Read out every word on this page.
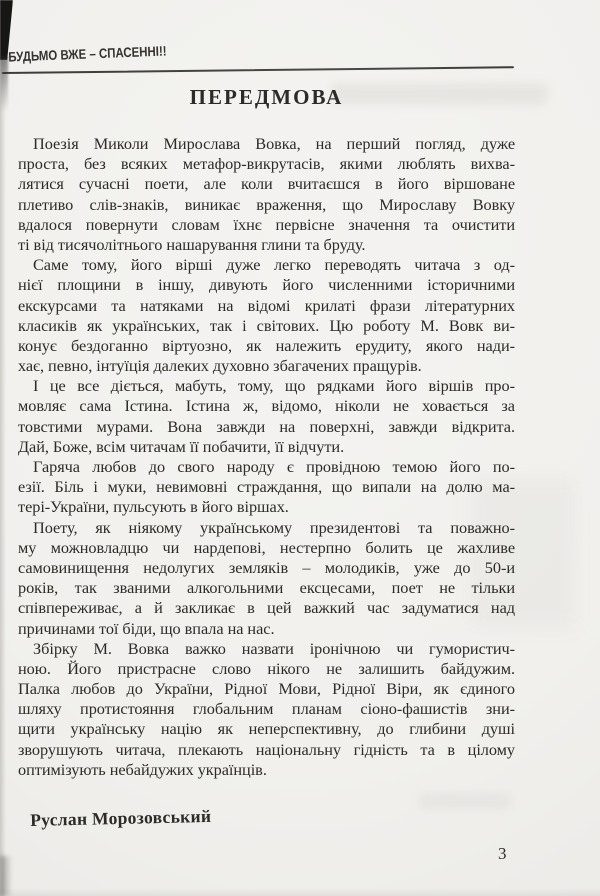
БУДЬМО ВЖЕ – СПАСЕННІ!!
ПЕРЕДМОВА
Поезія Миколи Мирослава Вовка, на перший погляд, дуже
проста, без всяких метафор-викрутасів, якими люблять вихва-
лятися сучасні поети, але коли вчитаєшся в його віршоване
плетиво слів-знаків, виникає враження, що Мирославу Вовку
вдалося повернути словам їхнє первісне значення та очистити
ті від тисячолітнього нашарування глини та бруду.
Саме тому, його вірші дуже легко переводять читача з од-
нієї площини в іншу, дивують його численними історичними
екскурсами та натяками на відомі крилаті фрази літературних
класиків як українських, так і світових. Цю роботу М. Вовк ви-
конує бездоганно віртуозно, як належить ерудиту, якого нади-
хає, певно, інтуїція далеких духовно збагачених пращурів.
І це все діється, мабуть, тому, що рядками його віршів про-
мовляє сама Істина. Істина ж, відомо, ніколи не ховається за
товстими мурами. Вона завжди на поверхні, завжди відкрита.
Дай, Боже, всім читачам її побачити, її відчути.
Гаряча любов до свого народу є провідною темою його по-
езії. Біль і муки, невимовні страждання, що випали на долю ма-
тері-України, пульсують в його віршах.
Поету, як ніякому українському президентові та поважно-
му можновладцю чи нардепові, нестерпно болить це жахливе
самовинищення недолугих земляків – молодиків, уже до 50-и
років, так званими алкогольними ексцесами, поет не тільки
співпереживає, а й закликає в цей важкий час задуматися над
причинами тої біди, що впала на нас.
Збірку М. Вовка важко назвати іронічною чи гумористич-
ною. Його пристрасне слово нікого не залишить байдужим.
Палка любов до України, Рідної Мови, Рідної Віри, як єдиного
шляху протистояння глобальним планам сіоно-фашистів зни-
щити українську націю як неперспективну, до глибини душі
зворушують читача, плекають національну гідність та в цілому
оптимізують небайдужих українців.
Руслан Морозовський
3
